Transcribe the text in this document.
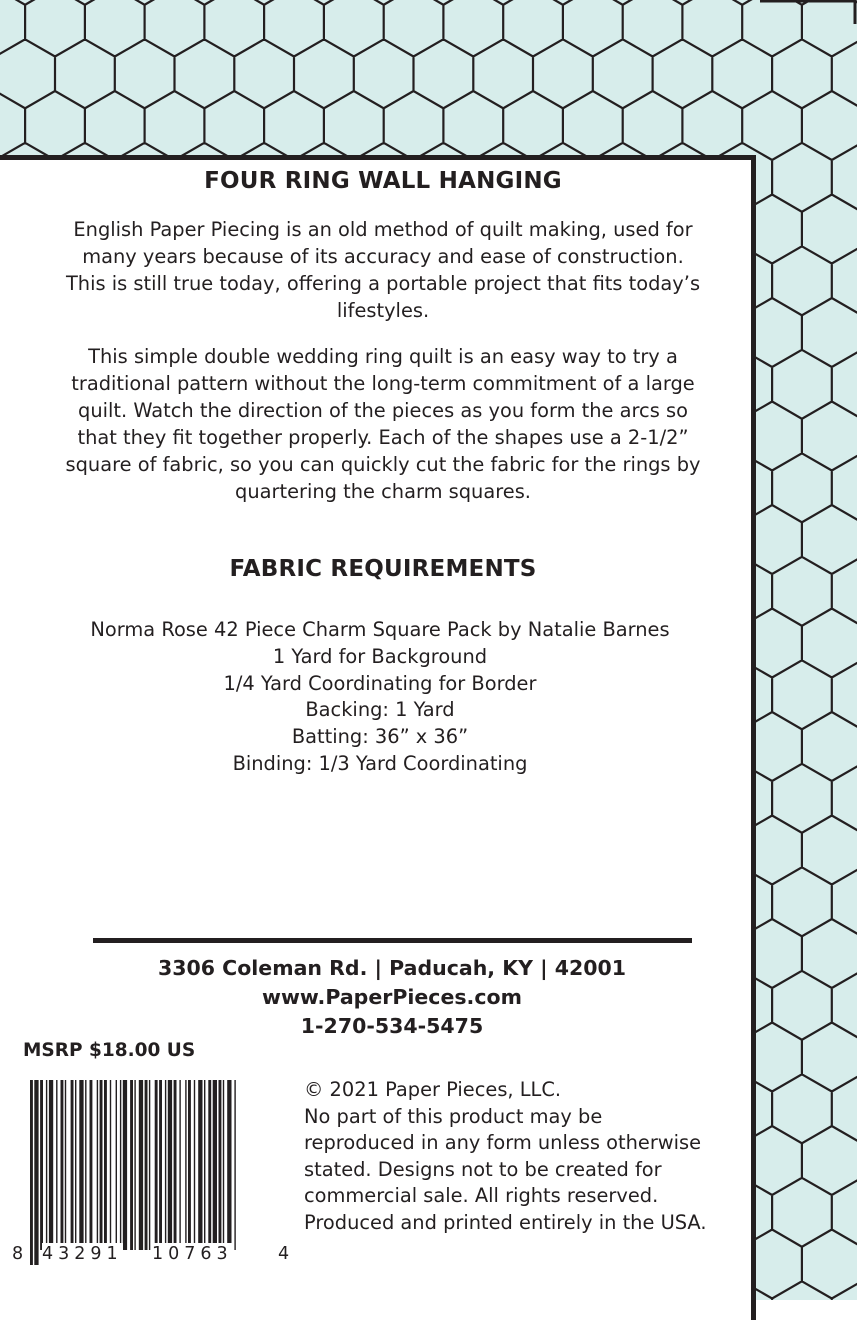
FOUR RING WALL HANGING
English Paper Piecing is an old method of quilt making, used for
many years because of its accuracy and ease of construction.
This is still true today, offering a portable project that fits today’s
lifestyles.
This simple double wedding ring quilt is an easy way to try a
traditional pattern without the long-term commitment of a large
quilt. Watch the direction of the pieces as you form the arcs so
that they fit together properly. Each of the shapes use a 2-1/2”
square of fabric, so you can quickly cut the fabric for the rings by
quartering the charm squares.
FABRIC REQUIREMENTS
Norma Rose 42 Piece Charm Square Pack by Natalie Barnes
1 Yard for Background
1/4 Yard Coordinating for Border
Backing: 1 Yard
Batting: 36” x 36”
Binding: 1/3 Yard Coordinating
3306 Coleman Rd. | Paducah, KY | 42001
www.PaperPieces.com
1-270-534-5475
MSRP $18.00 US
8 43291 10763	4
© 2021 Paper Pieces, LLC.
No part of this product may be
reproduced in any form unless otherwise
stated. Designs not to be created for
commercial sale. All rights reserved.
Produced and printed entirely in the USA.
